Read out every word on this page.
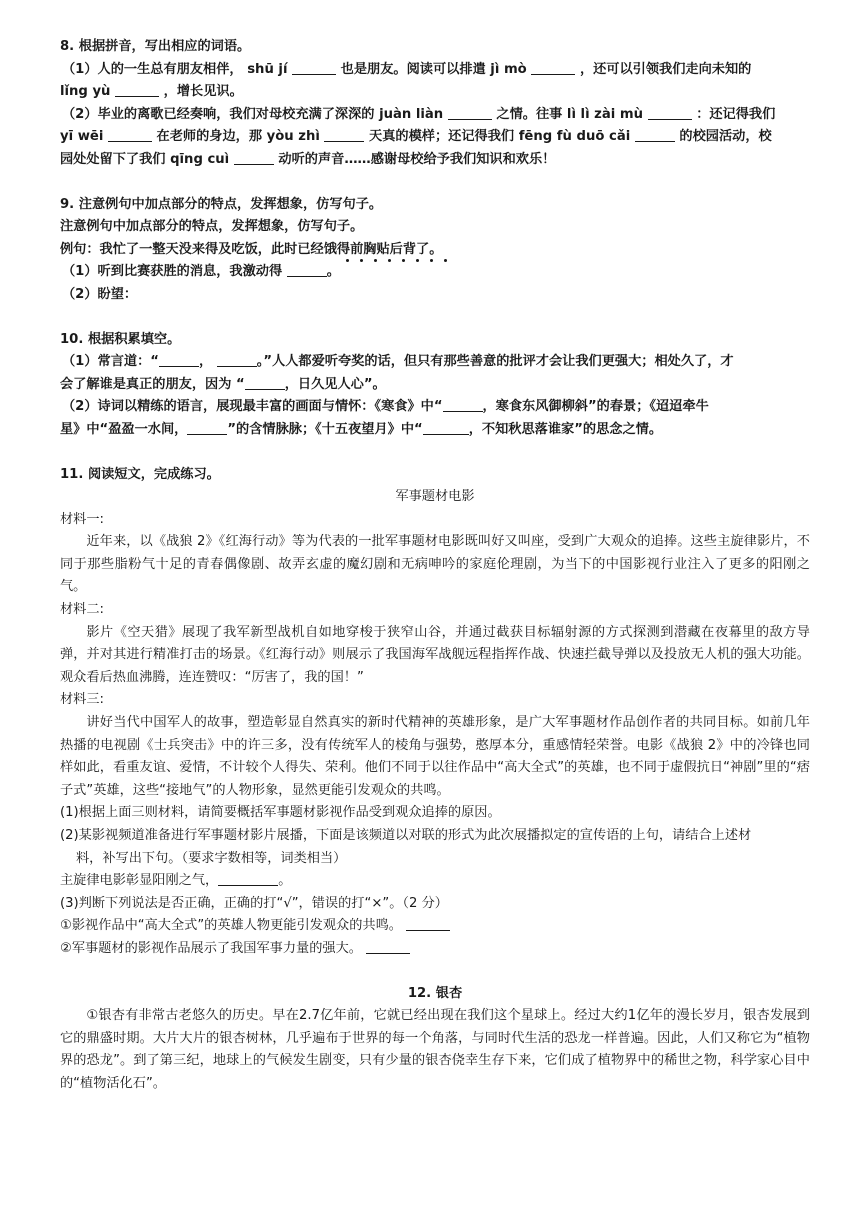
8. 根据拼音，写出相应的词语。
（1）人的一生总有朋友相伴， shū jí	也是朋友。阅读可以排遣 jì mò	，还可以引领我们走向未知的
lǐng yù	，增长见识。
（2）毕业的离歌已经奏响，我们对母校充满了深深的 juàn liàn	之情。往事 lì lì zài mù	：还记得我们
yī wēi	在老师的身边，那 yòu zhì	天真的模样；还记得我们 fēng fù duō cǎi	的校园活动，校
园处处留下了我们 qīng cuì	动听的声音……感谢母校给予我们知识和欢乐！
9. 注意例句中加点部分的特点，发挥想象，仿写句子。
注意例句中加点部分的特点，发挥想象，仿写句子。
例句：我忙了一整天没来得及吃饭，此时已经饿得前胸贴后背了。
（1）听到比赛获胜的消息，我激动得	。
（2）盼望：
10. 根据积累填空。
（1）常言道：“	，	。”人人都爱听夸奖的话，但只有那些善意的批评才会让我们更强大；相处久了，才
会了解谁是真正的朋友，因为 “	，日久见人心”。
（2）诗词以精练的语言，展现最丰富的画面与情怀：《寒食》中“	，寒食东风御柳斜”的春景；《迢迢牵牛
星》中“盈盈一水间，	”的含情脉脉；《十五夜望月》中“	，不知秋思落谁家”的思念之情。
11. 阅读短文，完成练习。
军事题材电影
材料一:
近年来，以《战狼 2》《红海行动》等为代表的一批军事题材电影既叫好又叫座，受到广大观众的追捧。这些主旋律影片，不同于那些脂粉气十足的青春偶像剧、故弄玄虚的魔幻剧和无病呻吟的家庭伦理剧，为当下的中国影视行业注入了更多的阳刚之气。
材料二:
影片《空天猎》展现了我军新型战机自如地穿梭于狭窄山谷，并通过截获目标辐射源的方式探测到潜藏在夜幕里的敌方导弹，并对其进行精准打击的场景。《红海行动》则展示了我国海军战舰远程指挥作战、快速拦截导弹以及投放无人机的强大功能。观众看后热血沸腾，连连赞叹：“厉害了，我的国！”
材料三:
讲好当代中国军人的故事，塑造彰显自然真实的新时代精神的英雄形象，是广大军事题材作品创作者的共同目标。如前几年热播的电视剧《士兵突击》中的许三多，没有传统军人的棱角与强势，憨厚本分，重感情轻荣誉。电影《战狼 2》中的冷锋也同样如此，看重友谊、爱情，不计较个人得失、荣利。他们不同于以往作品中“高大全式”的英雄，也不同于虚假抗日“神剧”里的“痞子式”英雄，这些“接地气”的人物形象，显然更能引发观众的共鸣。
(1)根据上面三则材料，请简要概括军事题材影视作品受到观众追捧的原因。
(2)某影视频道准备进行军事题材影片展播，下面是该频道以对联的形式为此次展播拟定的宣传语的上句，请结合上述材
料，补写出下句。（要求字数相等，词类相当）
主旋律电影彰显阳刚之气，	。
(3)判断下列说法是否正确，正确的打“√”，错误的打“×”。（2 分）
①影视作品中“高大全式”的英雄人物更能引发观众的共鸣。
②军事题材的影视作品展示了我国军事力量的强大。
12. 银杏
①银杏有非常古老悠久的历史。早在2.7亿年前，它就已经出现在我们这个星球上。经过大约1亿年的漫长岁月，银杏发展到它的鼎盛时期。大片大片的银杏树林，几乎遍布于世界的每一个角落，与同时代生活的恐龙一样普遍。因此，人们又称它为“植物界的恐龙”。到了第三纪，地球上的气候发生剧变，只有少量的银杏侥幸生存下来，它们成了植物界中的稀世之物，科学家心目中的“植物活化石”。
